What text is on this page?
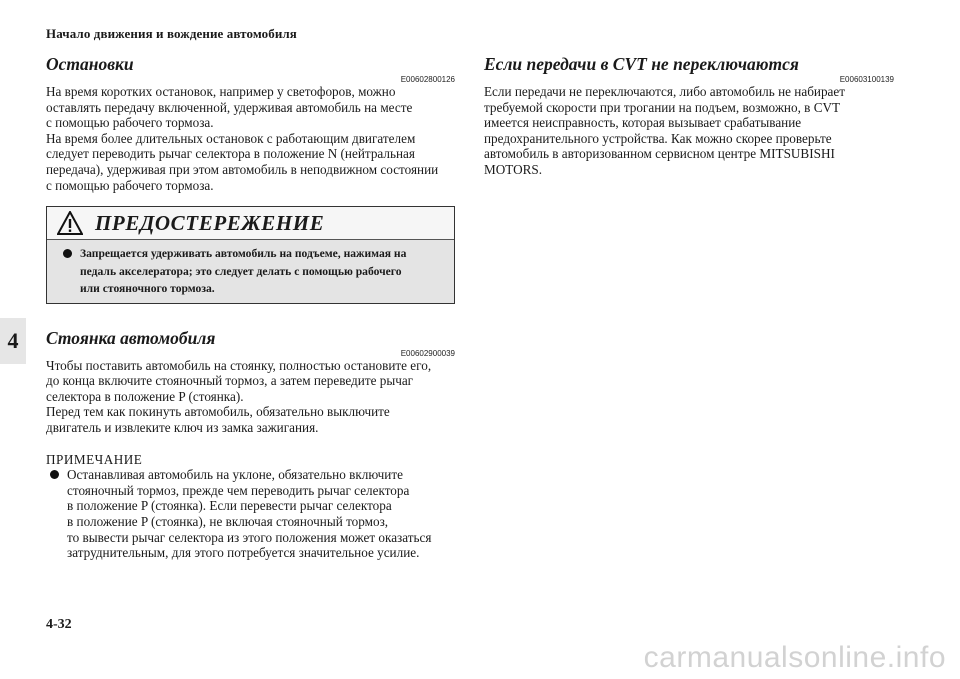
Начало движения и вождение автомобиля
4
Остановки
E00602800126

На время коротких остановок, например у светофоров, можно
оставлять передачу включенной, удерживая автомобиль на месте
с помощью рабочего тормоза.
На время более длительных остановок с работающим двигателем
следует переводить рычаг селектора в положение N (нейтральная
передача), удерживая при этом автомобиль в неподвижном состоянии
с помощью рабочего тормоза.

ПРЕДОСТЕРЕЖЕНИЕ
Запрещается удерживать автомобиль на подъеме, нажимая на
педаль акселератора; это следует делать с помощью рабочего
или стояночного тормоза.
Стоянка автомобиля
E00602900039

Чтобы поставить автомобиль на стоянку, полностью остановите его,
до конца включите стояночный тормоз, а затем переведите рычаг
селектора в положение P (стоянка).
Перед тем как покинуть автомобиль, обязательно выключите
двигатель и извлеките ключ из замка зажигания.

ПРИМЕЧАНИЕ
Останавливая автомобиль на уклоне, обязательно включите
стояночный тормоз, прежде чем переводить рычаг селектора
в положение P (стоянка). Если перевести рычаг селектора
в положение P (стоянка), не включая стояночный тормоз,
то вывести рычаг селектора из этого положения может оказаться
затруднительным, для этого потребуется значительное усилие.
Если передачи в CVT не переключаются
E00603100139

Если передачи не переключаются, либо автомобиль не набирает
требуемой скорости при трогании на подъем, возможно, в CVT
имеется неисправность, которая вызывает срабатывание
предохранительного устройства. Как можно скорее проверьте
автомобиль в авторизованном сервисном центре MITSUBISHI
MOTORS.

4-32
carmanualsonline.info
